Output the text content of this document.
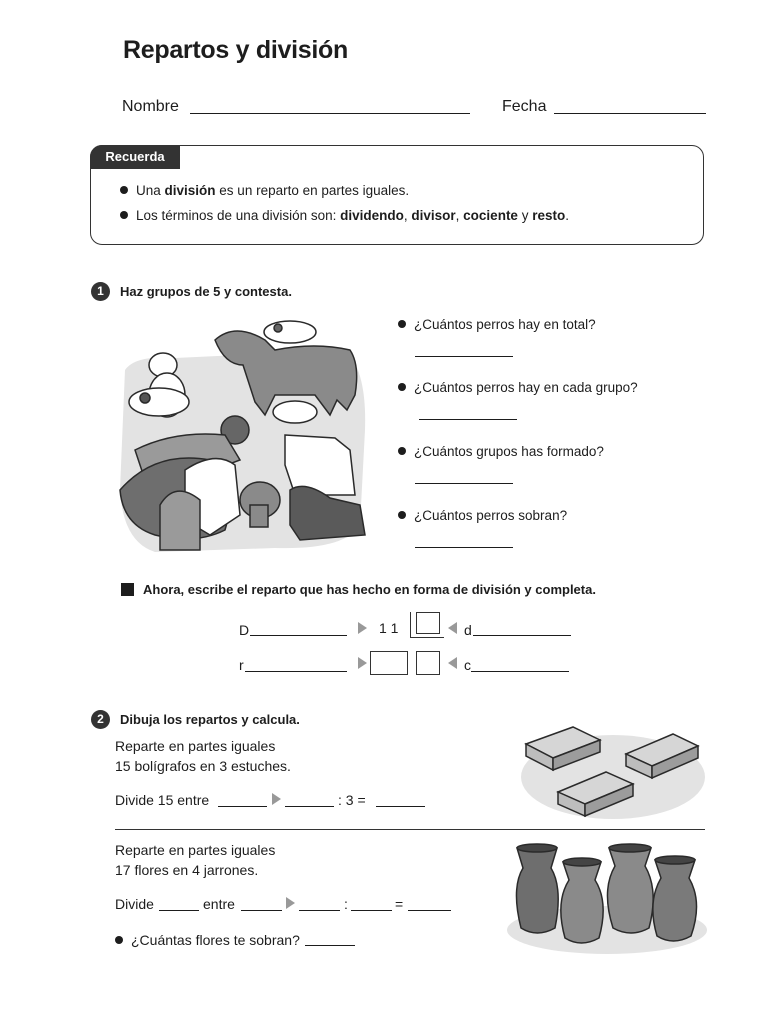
Repartos y división
Nombre	Fecha
Recuerda
Una división es un reparto en partes iguales.
Los términos de una división son: dividendo, divisor, cociente y resto.
1	Haz grupos de 5 y contesta.
¿Cuántos perros hay en total?
¿Cuántos perros hay en cada grupo?
¿Cuántos grupos has formado?
¿Cuántos perros sobran?
Ahora, escribe el reparto que has hecho en forma de división y completa.
D	1 1	d
r	c
2	Dibuja los repartos y calcula.
Reparte en partes iguales
15 bolígrafos en 3 estuches.
Divide 15 entre	: 3 =
Reparte en partes iguales
17 flores en 4 jarrones.
Divide	entre	:	=
¿Cuántas flores te sobran?
